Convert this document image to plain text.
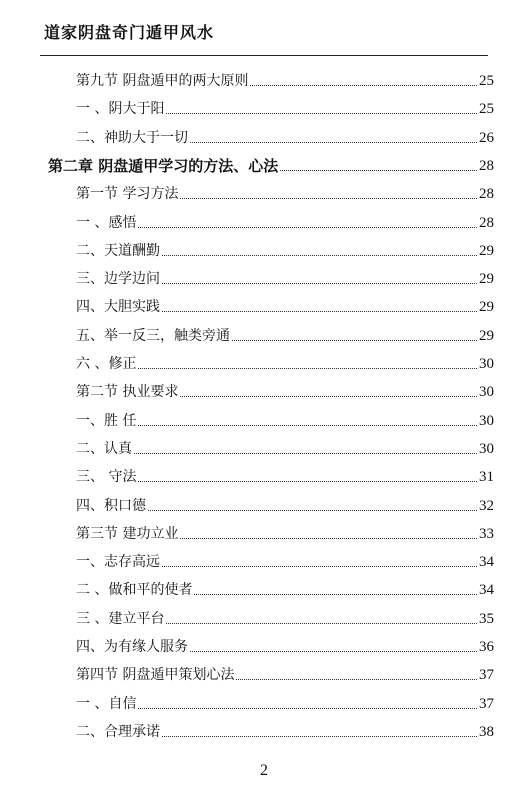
道家阴盘奇门遁甲风水
第九节 阴盘遁甲的两大原则	25
一 、阴大于阳	25
二、神助大于一切	26
第二章 阴盘遁甲学习的方法、心法	28
第一节 学习方法	28
一 、感悟	28
二、天道酬勤	29
三、边学边问	29
四、大胆实践	29
五、举一反三，触类旁通	29
六 、修正	30
第二节 执业要求	30
一、胜 任	30
二、认真	30
三、 守法	31
四、积口德	32
第三节 建功立业	33
一、志存高远	34
二 、做和平的使者	34
三 、建立平台	35
四、为有缘人服务	36
第四节 阴盘遁甲策划心法	37
一 、自信	37
二、合理承诺	38
2
